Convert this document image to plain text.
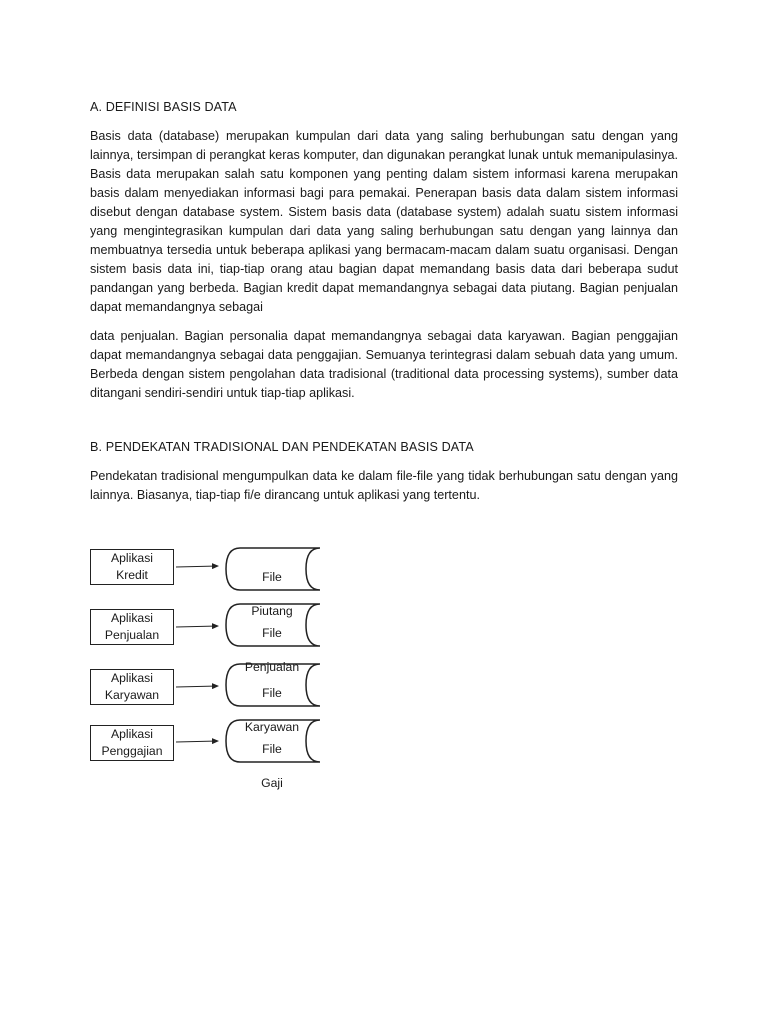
A. DEFINISI BASIS DATA

Basis data (database) merupakan kumpulan dari data yang saling berhubungan satu dengan yang lainnya, tersimpan di perangkat keras komputer, dan digunakan perangkat lunak untuk memanipulasinya. Basis data merupakan salah satu komponen yang penting dalam sistem informasi karena merupakan basis dalam menyediakan informasi bagi para pemakai. Penerapan basis data dalam sistem informasi disebut dengan database system. Sistem basis data (database system) adalah suatu sistem informasi yang mengintegrasikan kumpulan dari data yang saling berhubungan satu dengan yang lainnya dan membuatnya tersedia untuk beberapa aplikasi yang bermacam-macam dalam suatu organisasi. Dengan sistem basis data ini, tiap-tiap orang atau bagian dapat memandang basis data dari beberapa sudut pandangan yang berbeda. Bagian kredit dapat memandangnya sebagai data piutang. Bagian penjualan dapat memandangnya sebagai

data penjualan. Bagian personalia dapat memandangnya sebagai data karyawan. Bagian penggajian dapat memandangnya sebagai data penggajian. Semuanya terintegrasi dalam sebuah data yang umum. Berbeda dengan sistem pengolahan data tradisional (traditional data processing systems), sumber data ditangani sendiri-sendiri untuk tiap-tiap aplikasi.

B. PENDEKATAN TRADISIONAL DAN PENDEKATAN BASIS DATA

Pendekatan tradisional mengumpulkan data ke dalam file-file yang tidak berhubungan satu dengan yang lainnya. Biasanya, tiap-tiap fi/e dirancang untuk aplikasi yang tertentu.

Aplikasi
Kredit	File

Piutang

Aplikasi
Penjualan	File

Penjualan

Aplikasi
Karyawan	File

Karyawan

Aplikasi
Penggajian	File

Gaji
